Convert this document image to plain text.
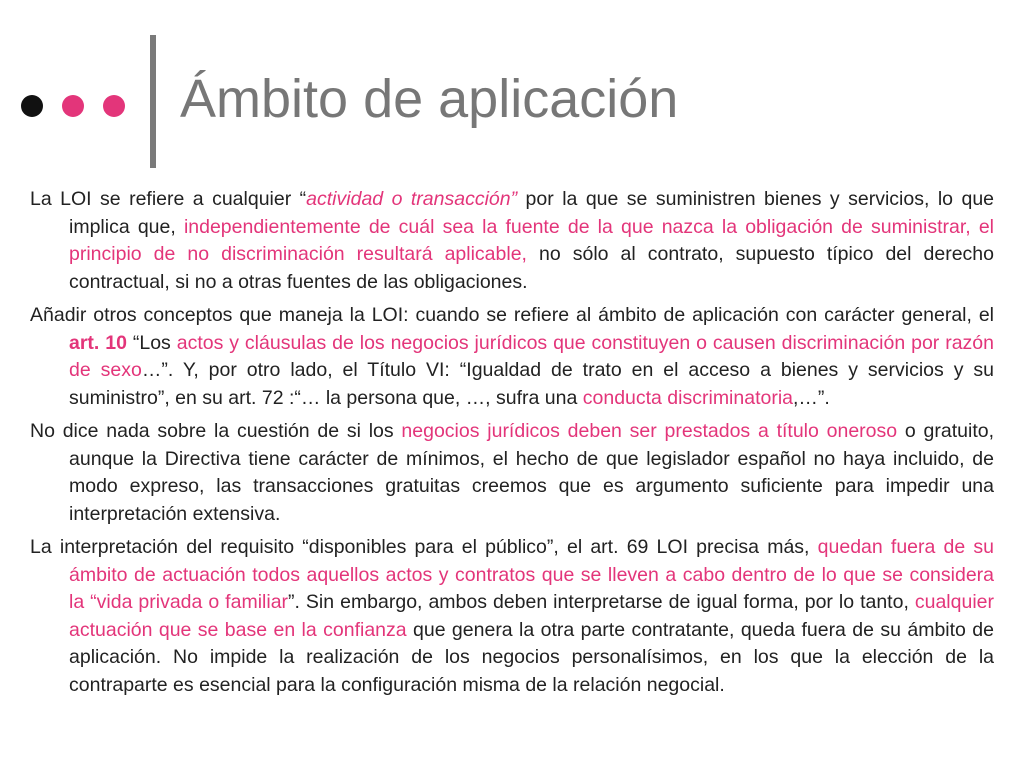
Ámbito de aplicación

La LOI se refiere a cualquier “actividad o transacción” por la que se suministren bienes y servicios, lo que implica que, independientemente de cuál sea la fuente de la que nazca la obligación de suministrar, el principio de no discriminación resultará aplicable, no sólo al contrato, supuesto típico del derecho contractual, si no a otras fuentes de las obligaciones.

Añadir otros conceptos que maneja la LOI: cuando se refiere al ámbito de aplicación con carácter general, el art. 10 “Los actos y cláusulas de los negocios jurídicos que constituyen o causen discriminación por razón de sexo…”. Y, por otro lado, el Título VI: “Igualdad de trato en el acceso a bienes y servicios y su suministro”, en su art. 72 :“… la persona que, …, sufra una conducta discriminatoria,…”.

No dice nada sobre la cuestión de si los negocios jurídicos deben ser prestados a título oneroso o gratuito, aunque la Directiva tiene carácter de mínimos, el hecho de que legislador español no haya incluido, de modo expreso, las transacciones gratuitas creemos que es argumento suficiente para impedir una interpretación extensiva.

La interpretación del requisito “disponibles para el público”, el art. 69 LOI precisa más, quedan fuera de su ámbito de actuación todos aquellos actos y contratos que se lleven a cabo dentro de lo que se considera la “vida privada o familiar”. Sin embargo, ambos deben interpretarse de igual forma, por lo tanto, cualquier actuación que se base en la confianza que genera la otra parte contratante, queda fuera de su ámbito de aplicación. No impide la realización de los negocios personalísimos, en los que la elección de la contraparte es esencial para la configuración misma de la relación negocial.
